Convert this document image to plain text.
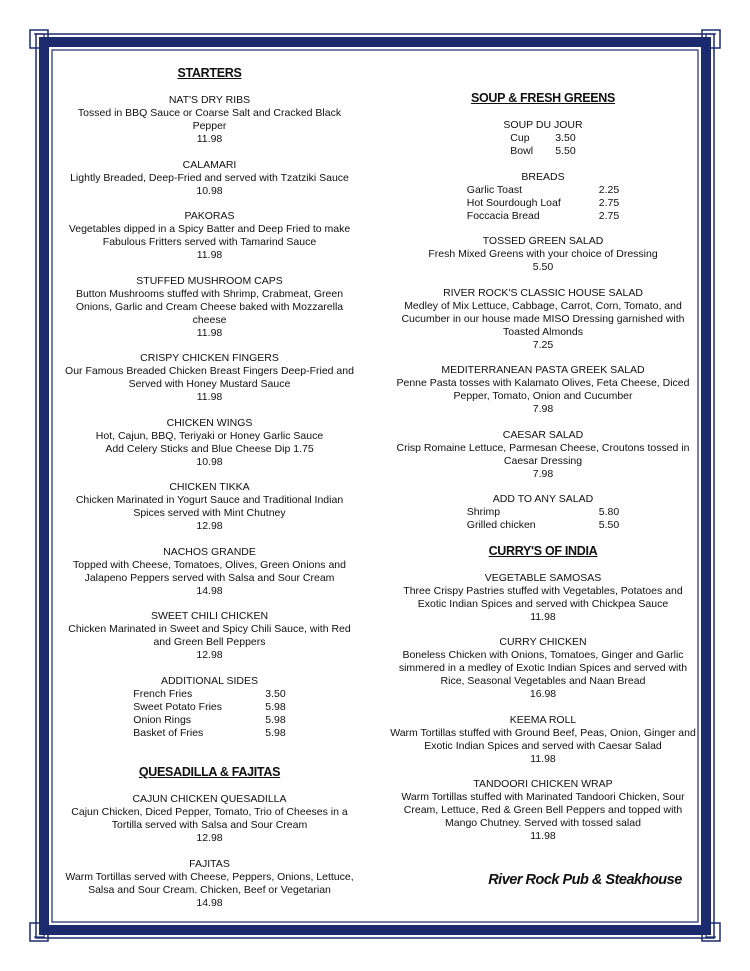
STARTERS
NAT'S DRY RIBS
Tossed in BBQ Sauce or Coarse Salt and Cracked Black Pepper
11.98
CALAMARI
Lightly Breaded, Deep-Fried and served with Tzatziki Sauce
10.98
PAKORAS
Vegetables dipped in a Spicy Batter and Deep Fried to make Fabulous Fritters served with Tamarind Sauce
11.98
STUFFED MUSHROOM CAPS
Button Mushrooms stuffed with Shrimp, Crabmeat, Green Onions, Garlic and Cream Cheese baked with Mozzarella cheese
11.98
CRISPY CHICKEN FINGERS
Our Famous Breaded Chicken Breast Fingers Deep-Fried and Served with Honey Mustard Sauce
11.98
CHICKEN WINGS
Hot, Cajun, BBQ, Teriyaki or Honey Garlic Sauce
Add Celery Sticks and Blue Cheese Dip 1.75
10.98
CHICKEN TIKKA
Chicken Marinated in Yogurt Sauce and Traditional Indian Spices served with Mint Chutney
12.98
NACHOS GRANDE
Topped with Cheese, Tomatoes, Olives, Green Onions and Jalapeno Peppers served with Salsa and Sour Cream
14.98
SWEET CHILI CHICKEN
Chicken Marinated in Sweet and Spicy Chili Sauce, with Red and Green Bell Peppers
12.98
ADDITIONAL SIDES
French Fries	3.50
Sweet Potato Fries	5.98
Onion Rings	5.98
Basket of Fries	5.98
QUESADILLA & FAJITAS
CAJUN CHICKEN QUESADILLA
Cajun Chicken, Diced Pepper, Tomato, Trio of Cheeses in a Tortilla served with Salsa and Sour Cream
12.98
FAJITAS
Warm Tortillas served with Cheese, Peppers, Onions, Lettuce, Salsa and Sour Cream. Chicken, Beef or Vegetarian
14.98
SOUP & FRESH GREENS
SOUP DU JOUR
Cup	3.50
Bowl	5.50
BREADS
Garlic Toast	2.25
Hot Sourdough Loaf	2.75
Foccacia Bread	2.75
TOSSED GREEN SALAD
Fresh Mixed Greens with your choice of Dressing
5.50
RIVER ROCK'S CLASSIC HOUSE SALAD
Medley of Mix Lettuce, Cabbage, Carrot, Corn, Tomato, and Cucumber in our house made MISO Dressing garnished with Toasted Almonds
7.25
MEDITERRANEAN PASTA GREEK SALAD
Penne Pasta tosses with Kalamato Olives, Feta Cheese, Diced Pepper, Tomato, Onion and Cucumber
7.98
CAESAR SALAD
Crisp Romaine Lettuce, Parmesan Cheese, Croutons tossed in Caesar Dressing
7.98
ADD TO ANY SALAD
Shrimp	5.80
Grilled chicken	5.50
CURRY'S OF INDIA
VEGETABLE SAMOSAS
Three Crispy Pastries stuffed with Vegetables, Potatoes and Exotic Indian Spices and served with Chickpea Sauce
11.98
CURRY CHICKEN
Boneless Chicken with Onions, Tomatoes, Ginger and Garlic simmered in a medley of Exotic Indian Spices and served with Rice, Seasonal Vegetables and Naan Bread
16.98
KEEMA ROLL
Warm Tortillas stuffed with Ground Beef, Peas, Onion, Ginger and Exotic Indian Spices and served with Caesar Salad
11.98
TANDOORI CHICKEN WRAP
Warm Tortillas stuffed with Marinated Tandoori Chicken, Sour Cream, Lettuce, Red & Green Bell Peppers and topped with Mango Chutney. Served with tossed salad
11.98
River Rock Pub & Steakhouse
